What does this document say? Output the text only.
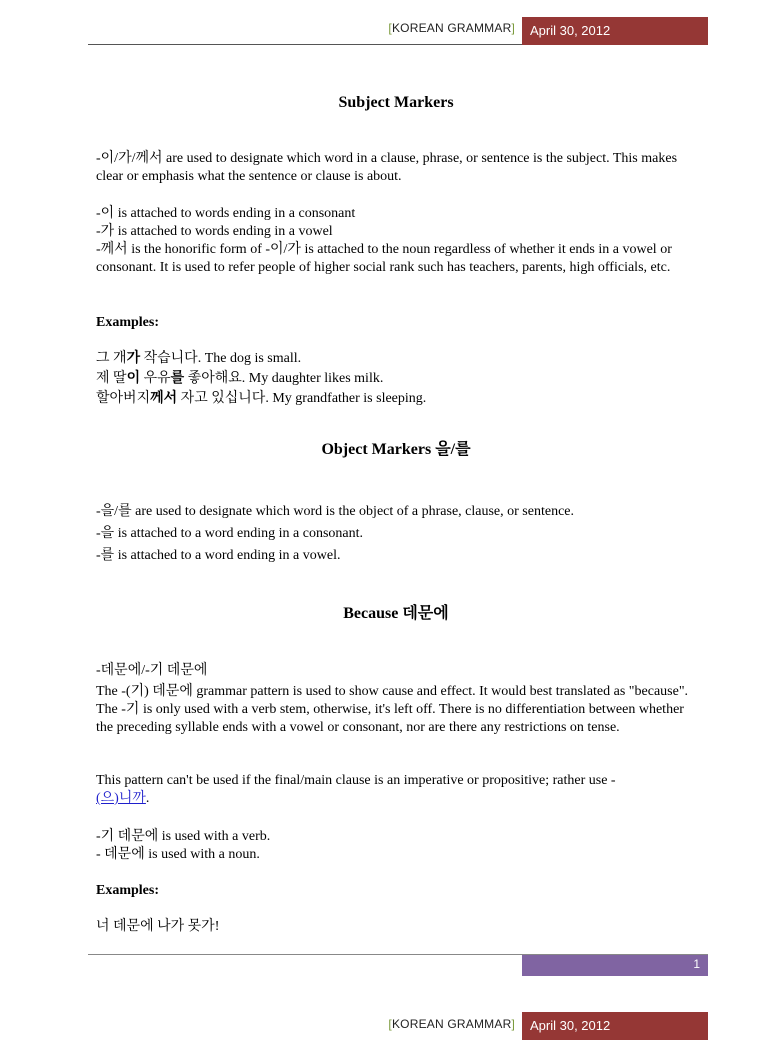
[KOREAN GRAMMAR]	April 30, 2012
Subject Markers
-이/가/께서 are used to designate which word in a clause, phrase, or sentence is the subject. This makes clear or emphasis what the sentence or clause is about.
-이 is attached to words ending in a consonant
-가 is attached to words ending in a vowel
-께서 is the honorific form of -이/가 is attached to the noun regardless of whether it ends in a vowel or consonant. It is used to refer people of higher social rank such has teachers, parents, high officials, etc.
Examples:
그 개가 작습니다. The dog is small.
제 딸이 우유를 좋아해요. My daughter likes milk.
할아버지께서 자고 있십니다. My grandfather is sleeping.
Object Markers 을/를
-을/를 are used to designate which word is the object of a phrase, clause, or sentence.
-을 is attached to a word ending in a consonant.
-를 is attached to a word ending in a vowel.
Because 데문에
-데문에/-기 데문에
The -(기) 데문에 grammar pattern is used to show cause and effect. It would best translated as "because". The -기 is only used with a verb stem, otherwise, it's left off. There is no differentiation between whether the preceding syllable ends with a vowel or consonant, nor are there any restrictions on tense.
This pattern can't be used if the final/main clause is an imperative or propositive; rather use -
(으)니까.
-기 데문에 is used with a verb.
- 데문에 is used with a noun.
Examples:
너 데문에 나가 못가!
1
[KOREAN GRAMMAR]	April 30, 2012
